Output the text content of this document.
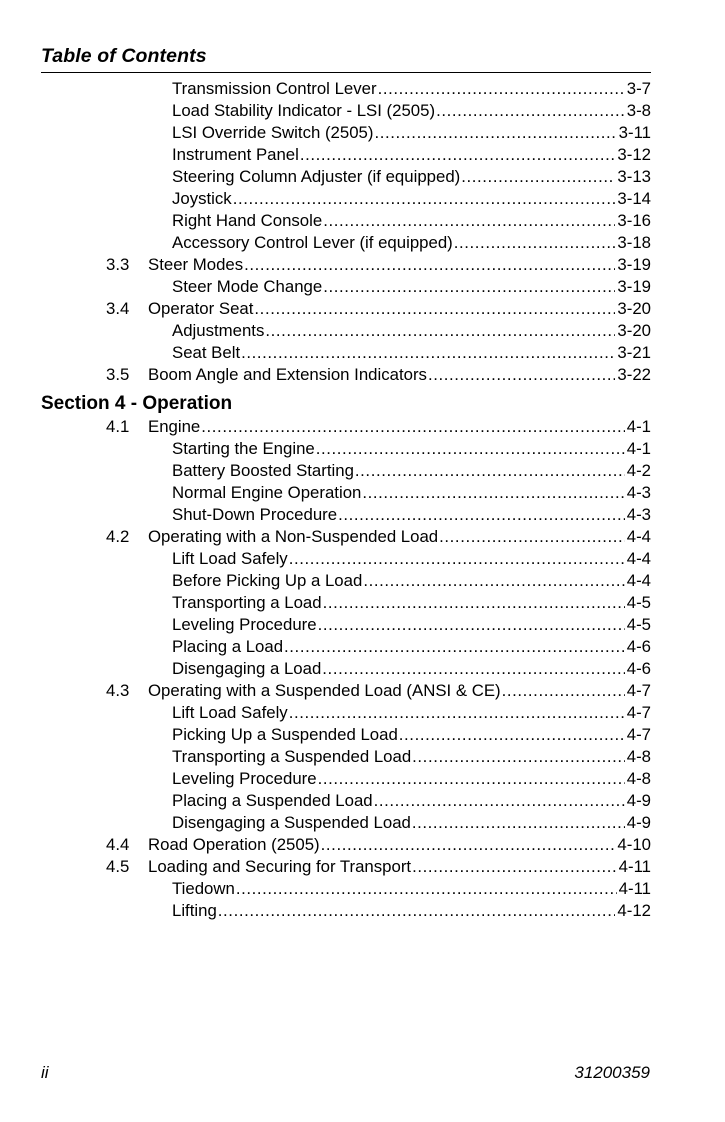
Table of Contents
Transmission Control Lever .....	3-7
Load Stability Indicator - LSI (2505) .....	3-8
LSI Override Switch (2505) .....	3-11
Instrument Panel .....	3-12
Steering Column Adjuster (if equipped) .....	3-13
Joystick .....	3-14
Right Hand Console .....	3-16
Accessory Control Lever (if equipped) .....	3-18
3.3 Steer Modes .....	3-19
Steer Mode Change .....	3-19
3.4 Operator Seat .....	3-20
Adjustments .....	3-20
Seat Belt .....	3-21
3.5 Boom Angle and Extension Indicators .....	3-22
Section 4 - Operation
4.1 Engine .....	4-1
Starting the Engine .....	4-1
Battery Boosted Starting .....	4-2
Normal Engine Operation .....	4-3
Shut-Down Procedure .....	4-3
4.2 Operating with a Non-Suspended Load .....	4-4
Lift Load Safely .....	4-4
Before Picking Up a Load .....	4-4
Transporting a Load .....	4-5
Leveling Procedure .....	4-5
Placing a Load .....	4-6
Disengaging a Load .....	4-6
4.3 Operating with a Suspended Load (ANSI & CE) .....	4-7
Lift Load Safely .....	4-7
Picking Up a Suspended Load .....	4-7
Transporting a Suspended Load .....	4-8
Leveling Procedure .....	4-8
Placing a Suspended Load .....	4-9
Disengaging a Suspended Load .....	4-9
4.4 Road Operation (2505) .....	4-10
4.5 Loading and Securing for Transport .....	4-11
Tiedown .....	4-11
Lifting .....	4-12
ii	31200359
